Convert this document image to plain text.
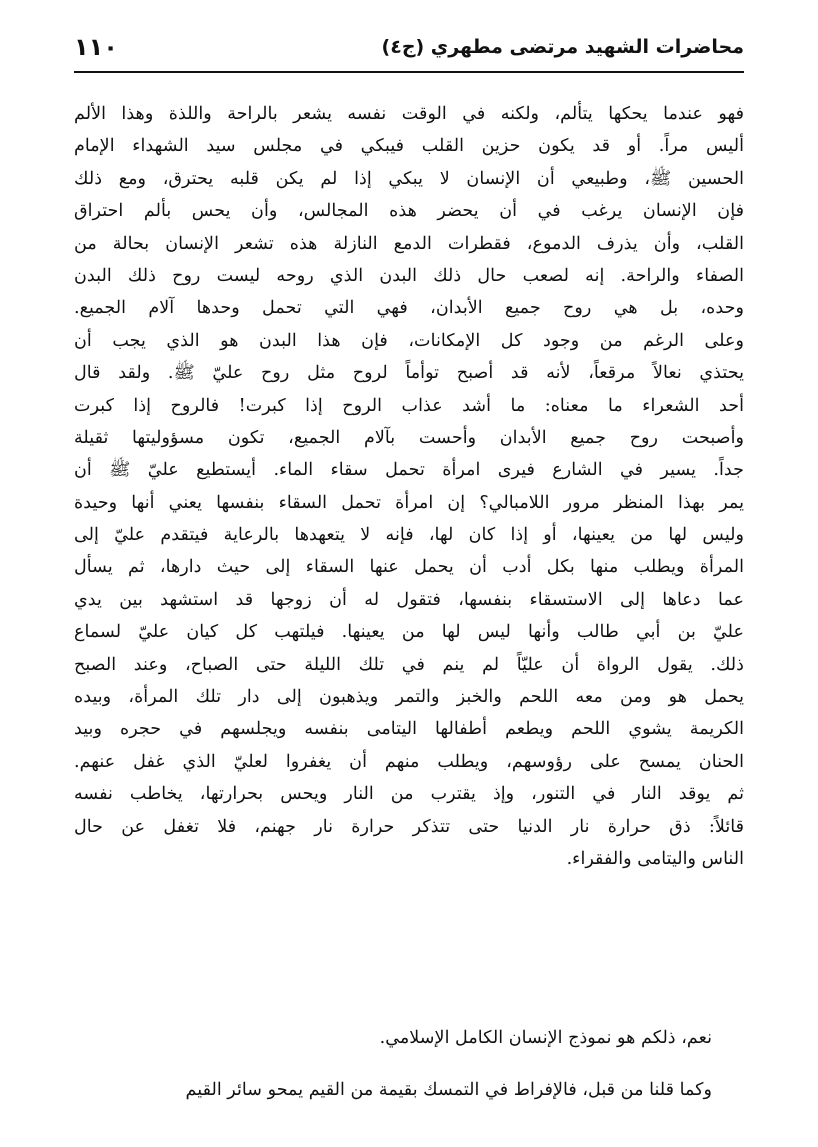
محاضرات الشهيد مرتضى مطهري (ج٤)
١١٠
فهو عندما يحكها يتألم، ولكنه في الوقت نفسه يشعر بالراحة واللذة وهذا الألم
أليس مراً. أو قد يكون حزين القلب فيبكي في مجلس سيد الشهداء الإمام
الحسين ﷺ، وطبيعي أن الإنسان لا يبكي إذا لم يكن قلبه يحترق، ومع ذلك
فإن الإنسان يرغب في أن يحضر هذه المجالس، وأن يحس بألم احتراق
القلب، وأن يذرف الدموع، فقطرات الدمع النازلة هذه تشعر الإنسان بحالة من
الصفاء والراحة. إنه لصعب حال ذلك البدن الذي روحه ليست روح ذلك البدن
وحده، بل هي روح جميع الأبدان، فهي التي تحمل وحدها آلام الجميع.
وعلى الرغم من وجود كل الإمكانات، فإن هذا البدن هو الذي يجب أن
يحتذي نعالاً مرقعاً، لأنه قد أصبح توأماً لروح مثل روح عليّ ﷺ. ولقد قال
أحد الشعراء ما معناه: ما أشد عذاب الروح إذا كبرت! فالروح إذا كبرت
وأصبحت روح جميع الأبدان وأحست بآلام الجميع، تكون مسؤوليتها ثقيلة
جداً. يسير في الشارع فيرى امرأة تحمل سقاء الماء. أيستطيع عليّ ﷺ أن
يمر بهذا المنظر مرور اللامبالي؟ إن امرأة تحمل السقاء بنفسها يعني أنها وحيدة
وليس لها من يعينها، أو إذا كان لها، فإنه لا يتعهدها بالرعاية فيتقدم عليّ إلى
المرأة ويطلب منها بكل أدب أن يحمل عنها السقاء إلى حيث دارها، ثم يسأل
عما دعاها إلى الاستسقاء بنفسها، فتقول له أن زوجها قد استشهد بين يدي
عليّ بن أبي طالب وأنها ليس لها من يعينها. فيلتهب كل كيان عليّ لسماع
ذلك. يقول الرواة أن عليّاً لم ينم في تلك الليلة حتى الصباح، وعند الصبح
يحمل هو ومن معه اللحم والخبز والتمر ويذهبون إلى دار تلك المرأة، وبيده
الكريمة يشوي اللحم ويطعم أطفالها اليتامى بنفسه ويجلسهم في حجره وبيد
الحنان يمسح على رؤوسهم، ويطلب منهم أن يغفروا لعليّ الذي غفل عنهم.
ثم يوقد النار في التنور، وإذ يقترب من النار ويحس بحرارتها، يخاطب نفسه
قائلاً: ذق حرارة نار الدنيا حتى تتذكر حرارة نار جهنم، فلا تغفل عن حال
الناس واليتامى والفقراء.
نعم، ذلكم هو نموذج الإنسان الكامل الإسلامي.
وكما قلنا من قبل، فالإفراط في التمسك بقيمة من القيم يمحو سائر القيم
